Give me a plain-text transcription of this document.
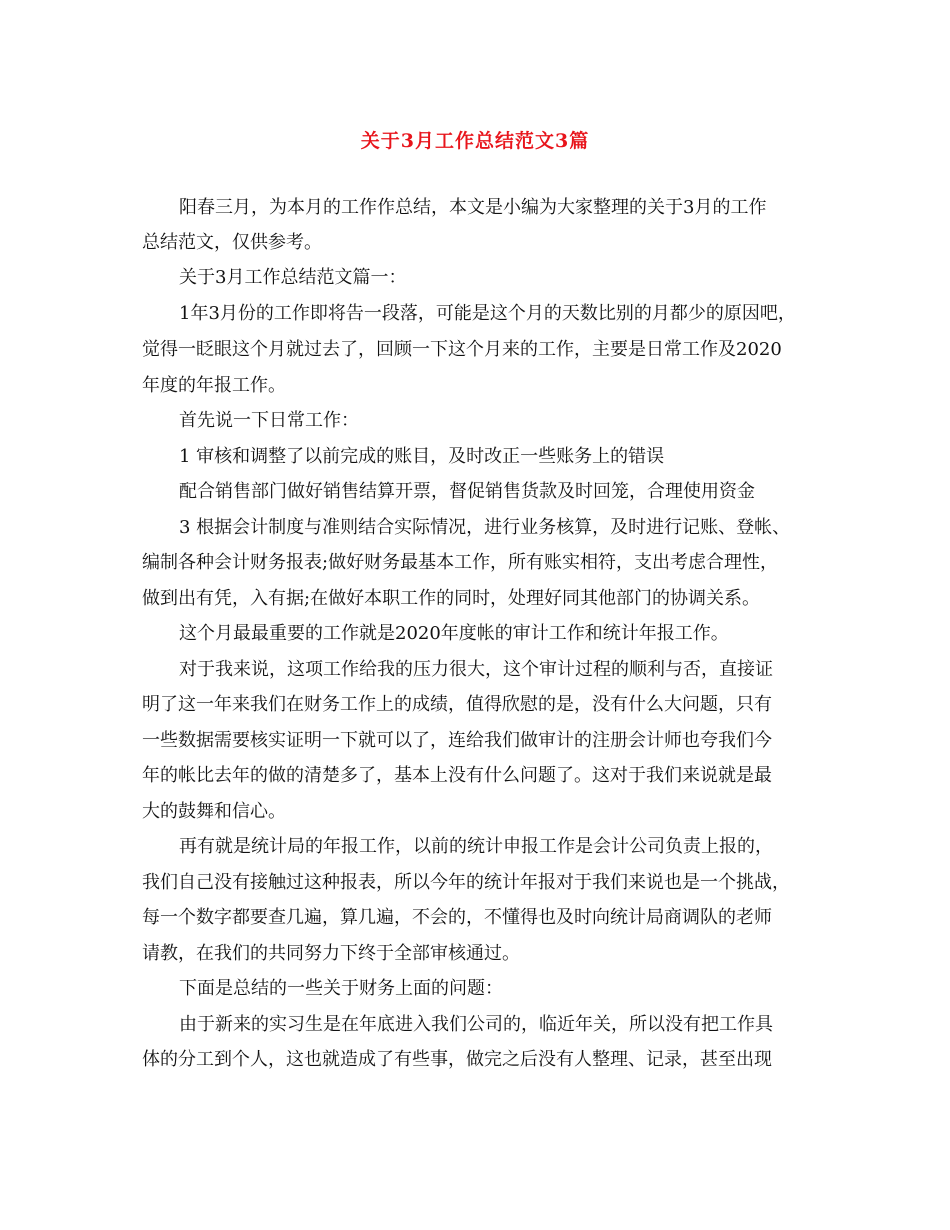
关于3月工作总结范文3篇
阳春三月，为本月的工作作总结，本文是小编为大家整理的关于3月的工作
总结范文，仅供参考。
关于3月工作总结范文篇一：
1年3月份的工作即将告一段落，可能是这个月的天数比别的月都少的原因吧，
觉得一眨眼这个月就过去了，回顾一下这个月来的工作，主要是日常工作及2020
年度的年报工作。
首先说一下日常工作：
1 审核和调整了以前完成的账目，及时改正一些账务上的错误
配合销售部门做好销售结算开票，督促销售货款及时回笼，合理使用资金
3 根据会计制度与准则结合实际情况，进行业务核算，及时进行记账、登帐、
编制各种会计财务报表;做好财务最基本工作，所有账实相符，支出考虑合理性，
做到出有凭，入有据;在做好本职工作的同时，处理好同其他部门的协调关系。
这个月最最重要的工作就是2020年度帐的审计工作和统计年报工作。
对于我来说，这项工作给我的压力很大，这个审计过程的顺利与否，直接证
明了这一年来我们在财务工作上的成绩，值得欣慰的是，没有什么大问题，只有
一些数据需要核实证明一下就可以了，连给我们做审计的注册会计师也夸我们今
年的帐比去年的做的清楚多了，基本上没有什么问题了。这对于我们来说就是最
大的鼓舞和信心。
再有就是统计局的年报工作，以前的统计申报工作是会计公司负责上报的，
我们自己没有接触过这种报表，所以今年的统计年报对于我们来说也是一个挑战，
每一个数字都要查几遍，算几遍，不会的，不懂得也及时向统计局商调队的老师
请教，在我们的共同努力下终于全部审核通过。
下面是总结的一些关于财务上面的问题：
由于新来的实习生是在年底进入我们公司的，临近年关，所以没有把工作具
体的分工到个人，这也就造成了有些事，做完之后没有人整理、记录，甚至出现
